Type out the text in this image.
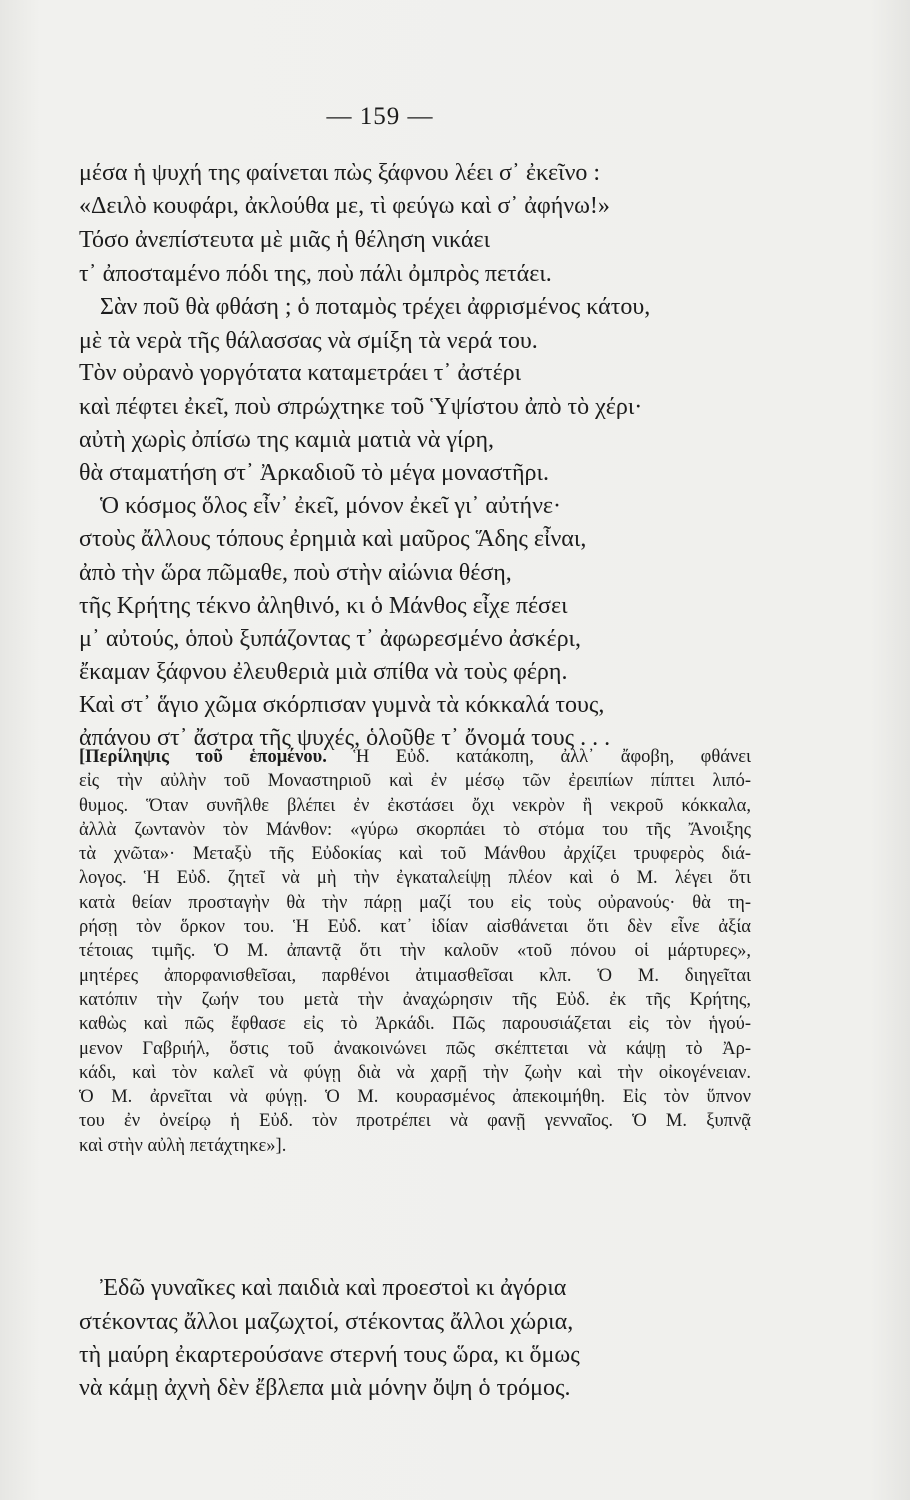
— 159 —
μέσα ἡ ψυχή της φαίνεται πὼς ξάφνου λέει σ᾽ ἐκεῖνο :
«Δειλὸ κουφάρι, ἀκλούθα με, τὶ φεύγω καὶ σ᾽ ἀφήνω!»
Τόσο ἀνεπίστευτα μὲ μιᾶς ἡ θέληση νικάει
τ᾽ ἀποσταμένο πόδι της, ποὺ πάλι ὀμπρὸς πετάει.
Σὰν ποῦ θὰ φθάση ; ὁ ποταμὸς τρέχει ἀφρισμένος κάτου,
μὲ τὰ νερὰ τῆς θάλασσας νὰ σμίξη τὰ νερά του.
Τὸν οὐρανὸ γοργότατα καταμετράει τ᾽ ἀστέρι
καὶ πέφτει ἐκεῖ, ποὺ σπρώχτηκε τοῦ Ὑψίστου ἀπὸ τὸ χέρι·
αὐτὴ χωρὶς ὀπίσω της καμιὰ ματιὰ νὰ γίρη,
θὰ σταματήση στ᾽ Ἀρκαδιοῦ τὸ μέγα μοναστῆρι.
Ὁ κόσμος ὅλος εἶν᾽ ἐκεῖ, μόνον ἐκεῖ γι᾽ αὐτήνε·
στοὺς ἄλλους τόπους ἐρημιὰ καὶ μαῦρος Ἅδης εἶναι,
ἀπὸ τὴν ὥρα πῶμαθε, ποὺ στὴν αἰώνια θέση,
τῆς Κρήτης τέκνο ἀληθινό, κι ὁ Μάνθος εἶχε πέσει
μ᾽ αὐτούς, ὁποὺ ξυπάζοντας τ᾽ ἀφωρεσμένο ἀσκέρι,
ἔκαμαν ξάφνου ἐλευθεριὰ μιὰ σπίθα νὰ τοὺς φέρη.
Καὶ στ᾽ ἅγιο χῶμα σκόρπισαν γυμνὰ τὰ κόκκαλά τους,
ἀπάνου στ᾽ ἄστρα τῆς ψυχές, ὁλοῦθε τ᾽ ὄνομά τους . . .
[Περίληψις τοῦ ἑπομένου. Ἡ Εὐδ. κατάκοπη, ἀλλ᾽ ἄφοβη, φθάνει
εἰς τὴν αὐλὴν τοῦ Μοναστηριοῦ καὶ ἐν μέσῳ τῶν ἐρειπίων πίπτει λιπό-
θυμος. Ὅταν συνῆλθε βλέπει ἐν ἐκστάσει ὄχι νεκρὸν ἢ νεκροῦ κόκκαλα,
ἀλλὰ ζωντανὸν τὸν Μάνθον: «γύρω σκορπάει τὸ στόμα του τῆς Ἄνοιξης
τὰ χνῶτα»· Μεταξὺ τῆς Εὐδοκίας καὶ τοῦ Μάνθου ἀρχίζει τρυφερὸς διά-
λογος. Ἡ Εὐδ. ζητεῖ νὰ μὴ τὴν ἐγκαταλείψῃ πλέον καὶ ὁ Μ. λέγει ὅτι
κατὰ θείαν προσταγὴν θὰ τὴν πάρῃ μαζί του εἰς τοὺς οὐρανούς· θὰ τη-
ρήσῃ τὸν ὅρκον του. Ἡ Εὐδ. κατ᾽ ἰδίαν αἰσθάνεται ὅτι δὲν εἶνε ἀξία
τέτοιας τιμῆς. Ὁ Μ. ἀπαντᾷ ὅτι τὴν καλοῦν «τοῦ πόνου οἱ μάρτυρες»,
μητέρες ἀπορφανισθεῖσαι, παρθένοι ἀτιμασθεῖσαι κλπ. Ὁ Μ. διηγεῖται
κατόπιν τὴν ζωήν του μετὰ τὴν ἀναχώρησιν τῆς Εὐδ. ἐκ τῆς Κρήτης,
καθὼς καὶ πῶς ἔφθασε εἰς τὸ Ἀρκάδι. Πῶς παρουσιάζεται εἰς τὸν ἡγού-
μενον Γαβριήλ, ὅστις τοῦ ἀνακοινώνει πῶς σκέπτεται νὰ κάψῃ τὸ Ἀρ-
κάδι, καὶ τὸν καλεῖ νὰ φύγῃ διὰ νὰ χαρῇ τὴν ζωὴν καὶ τὴν οἰκογένειαν.
Ὁ Μ. ἀρνεῖται νὰ φύγῃ. Ὁ Μ. κουρασμένος ἀπεκοιμήθη. Εἰς τὸν ὕπνον
του ἐν ὀνείρῳ ἡ Εὐδ. τὸν προτρέπει νὰ φανῇ γενναῖος. Ὁ Μ. ξυπνᾷ
καὶ στὴν αὐλὴ πετάχτηκε»].
Ἐδῶ γυναῖκες καὶ παιδιὰ καὶ προεστοὶ κι ἀγόρια
στέκοντας ἄλλοι μαζωχτοί, στέκοντας ἄλλοι χώρια,
τὴ μαύρη ἐκαρτερούσανε στερνή τους ὥρα, κι ὅμως
νὰ κάμῃ ἀχνὴ δὲν ἔβλεπα μιὰ μόνην ὄψη ὁ τρόμος.
